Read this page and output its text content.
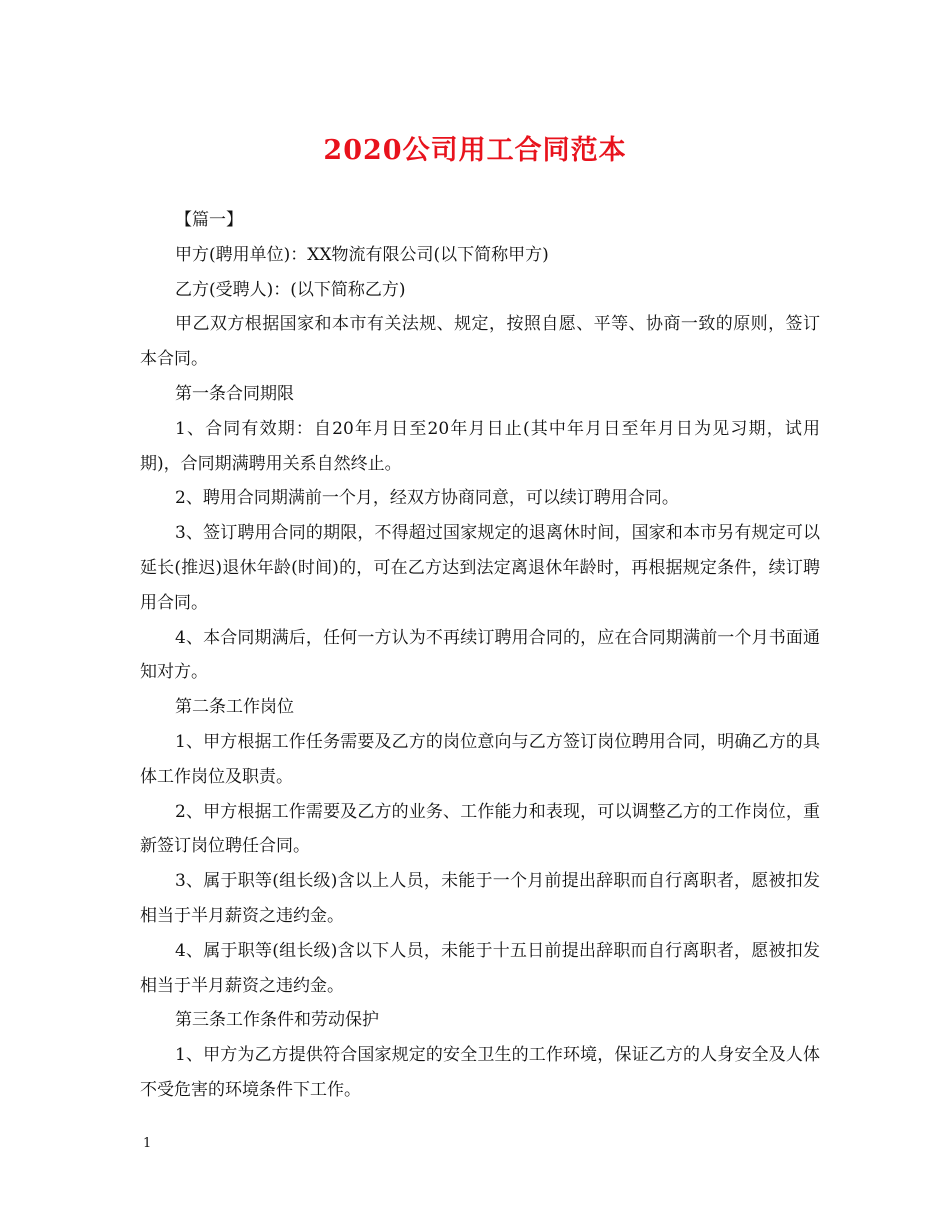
2020公司用工合同范本

【篇一】

甲方(聘用单位)：XX物流有限公司(以下简称甲方)

乙方(受聘人)：(以下简称乙方)

甲乙双方根据国家和本市有关法规、规定，按照自愿、平等、协商一致的原则，签订本合同。

第一条合同期限

1、合同有效期：自20年月日至20年月日止(其中年月日至年月日为见习期，试用期)，合同期满聘用关系自然终止。

2、聘用合同期满前一个月，经双方协商同意，可以续订聘用合同。

3、签订聘用合同的期限，不得超过国家规定的退离休时间，国家和本市另有规定可以延长(推迟)退休年龄(时间)的，可在乙方达到法定离退休年龄时，再根据规定条件，续订聘用合同。

4、本合同期满后，任何一方认为不再续订聘用合同的，应在合同期满前一个月书面通知对方。

第二条工作岗位

1、甲方根据工作任务需要及乙方的岗位意向与乙方签订岗位聘用合同，明确乙方的具体工作岗位及职责。

2、甲方根据工作需要及乙方的业务、工作能力和表现，可以调整乙方的工作岗位，重新签订岗位聘任合同。

3、属于职等(组长级)含以上人员，未能于一个月前提出辞职而自行离职者，愿被扣发相当于半月薪资之违约金。

4、属于职等(组长级)含以下人员，未能于十五日前提出辞职而自行离职者，愿被扣发相当于半月薪资之违约金。

第三条工作条件和劳动保护

1、甲方为乙方提供符合国家规定的安全卫生的工作环境，保证乙方的人身安全及人体不受危害的环境条件下工作。

1
